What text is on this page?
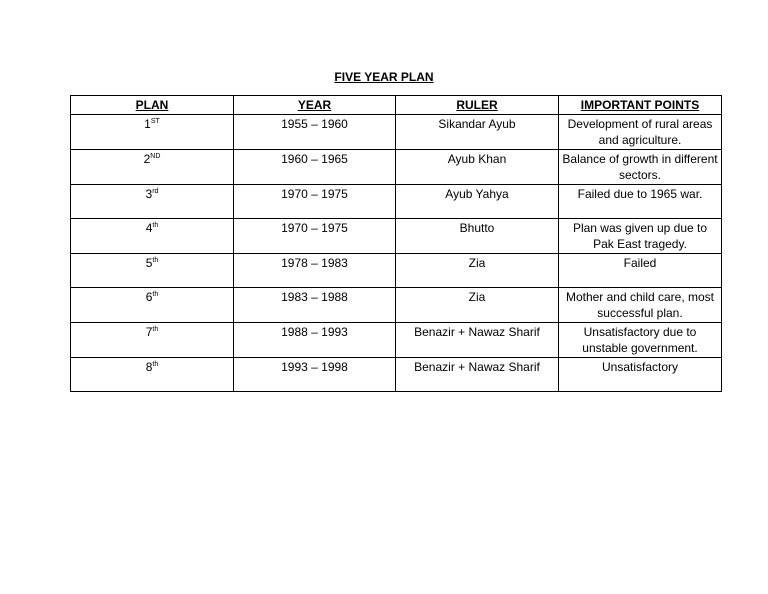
FIVE YEAR PLAN
PLAN	YEAR	RULER	IMPORTANT POINTS
1ST	1955 – 1960	Sikandar Ayub	Development of rural areas and agriculture.
2ND	1960 – 1965	Ayub Khan	Balance of growth in different sectors.
3rd	1970 – 1975	Ayub Yahya	Failed due to 1965 war.
4th	1970 – 1975	Bhutto	Plan was given up due to Pak East tragedy.
5th	1978 – 1983	Zia	Failed
6th	1983 – 1988	Zia	Mother and child care, most successful plan.
7th	1988 – 1993	Benazir + Nawaz Sharif	Unsatisfactory due to unstable government.
8th	1993 – 1998	Benazir + Nawaz Sharif	Unsatisfactory
